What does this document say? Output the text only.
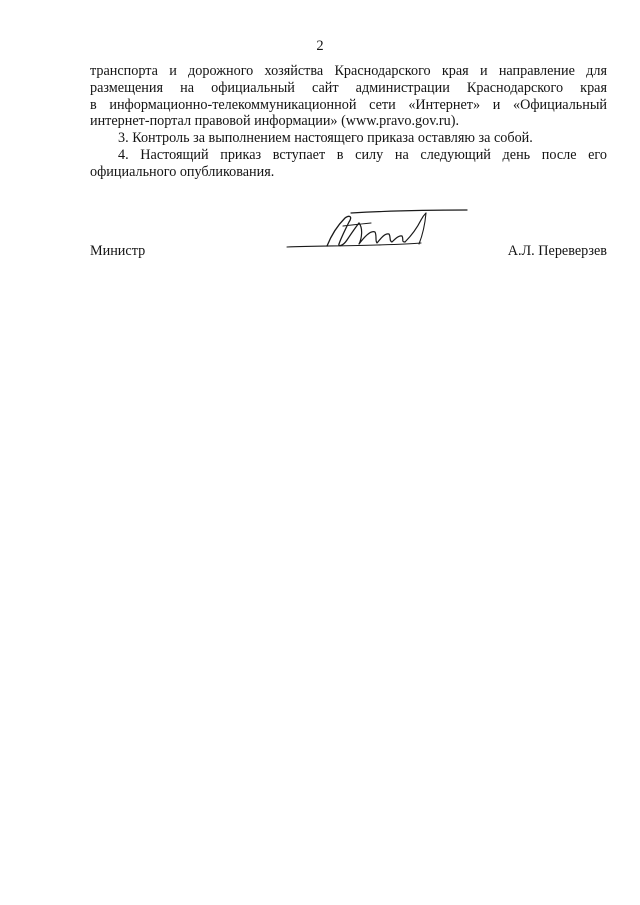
2

транспорта и дорожного хозяйства Краснодарского края и направление для
размещения на официальный сайт администрации Краснодарского края
в информационно-телекоммуникационной сети «Интернет» и «Официальный
интернет-портал правовой информации» (www.pravo.gov.ru).

3. Контроль за выполнением настоящего приказа оставляю за собой.

4. Настоящий приказ вступает в силу на следующий день после его
официального опубликования.

Министр	А.Л. Переверзев
